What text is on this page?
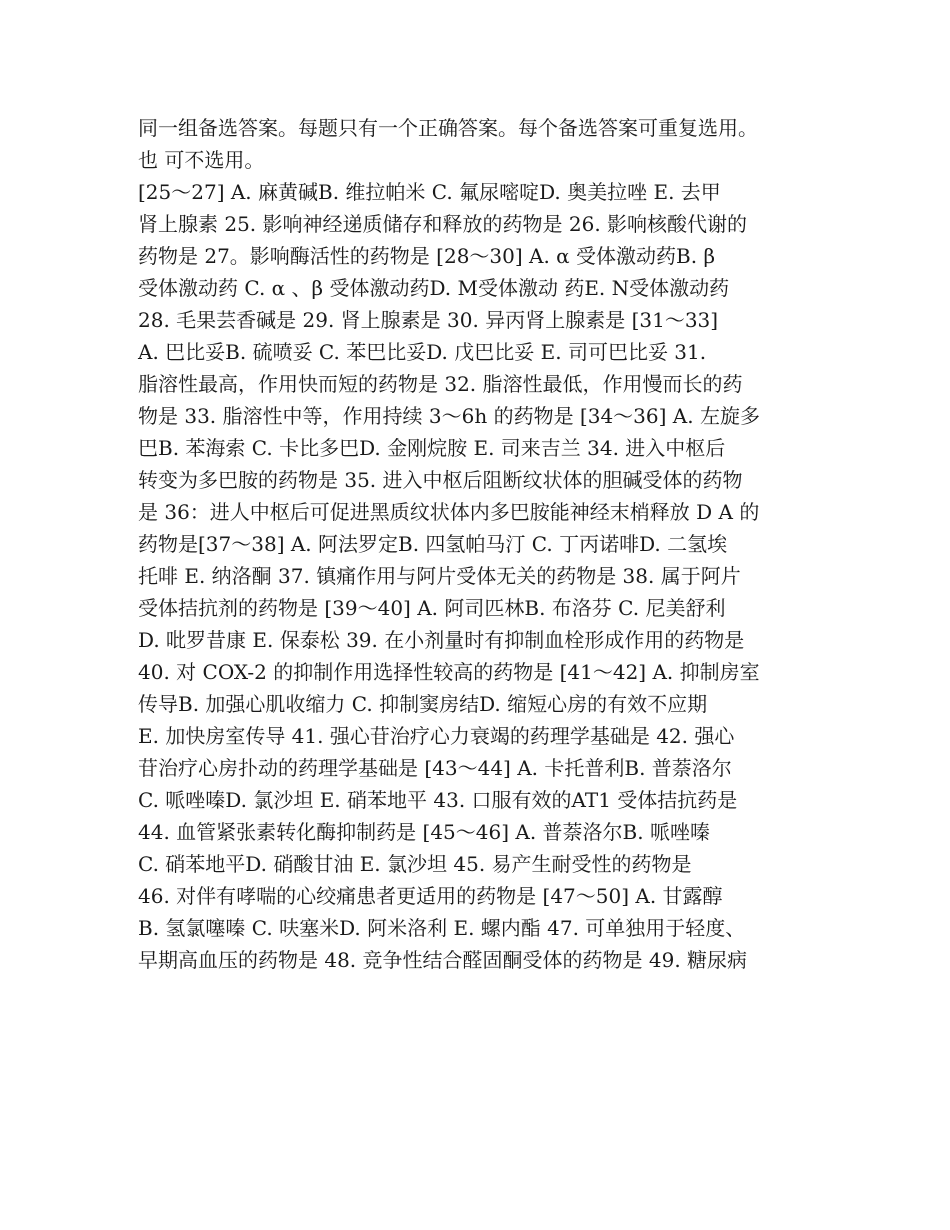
同一组备选答案。每题只有一个正确答案。每个备选答案可重复选用。
也 可不选用。
[25～27] A. 麻黄碱B. 维拉帕米 C. 氟尿嘧啶D. 奥美拉唑 E. 去甲
肾上腺素 25. 影响神经递质储存和释放的药物是 26. 影响核酸代谢的
药物是 27。影响酶活性的药物是 [28～30] A. α 受体激动药B. β
受体激动药 C. α 、β 受体激动药D. M受体激动 药E. N受体激动药
28. 毛果芸香碱是 29. 肾上腺素是 30. 异丙肾上腺素是 [31～33]
A. 巴比妥B. 硫喷妥 C. 苯巴比妥D. 戊巴比妥 E. 司可巴比妥 31.
脂溶性最高，作用快而短的药物是 32. 脂溶性最低，作用慢而长的药
物是 33. 脂溶性中等，作用持续 3～6h 的药物是 [34～36] A. 左旋多
巴B. 苯海索 C. 卡比多巴D. 金刚烷胺 E. 司来吉兰 34. 进入中枢后
转变为多巴胺的药物是 35. 进入中枢后阻断纹状体的胆碱受体的药物
是 36：进人中枢后可促进黑质纹状体内多巴胺能神经末梢释放 D A 的
药物是[37～38] A. 阿法罗定B. 四氢帕马汀 C. 丁丙诺啡D. 二氢埃
托啡 E. 纳洛酮 37. 镇痛作用与阿片受体无关的药物是 38. 属于阿片
受体拮抗剂的药物是 [39～40] A. 阿司匹林B. 布洛芬 C. 尼美舒利
D. 吡罗昔康 E. 保泰松 39. 在小剂量时有抑制血栓形成作用的药物是
40. 对 COX-2 的抑制作用选择性较高的药物是 [41～42] A. 抑制房室
传导B. 加强心肌收缩力 C. 抑制窦房结D. 缩短心房的有效不应期
E. 加快房室传导 41. 强心苷治疗心力衰竭的药理学基础是 42. 强心
苷治疗心房扑动的药理学基础是 [43～44] A. 卡托普利B. 普萘洛尔
C. 哌唑嗪D. 氯沙坦 E. 硝苯地平 43. 口服有效的AT1 受体拮抗药是
44. 血管紧张素转化酶抑制药是 [45～46] A. 普萘洛尔B. 哌唑嗪
C. 硝苯地平D. 硝酸甘油 E. 氯沙坦 45. 易产生耐受性的药物是
46. 对伴有哮喘的心绞痛患者更适用的药物是 [47～50] A. 甘露醇
B. 氢氯噻嗪 C. 呋塞米D. 阿米洛利 E. 螺内酯 47. 可单独用于轻度、
早期高血压的药物是 48. 竞争性结合醛固酮受体的药物是 49. 糖尿病
